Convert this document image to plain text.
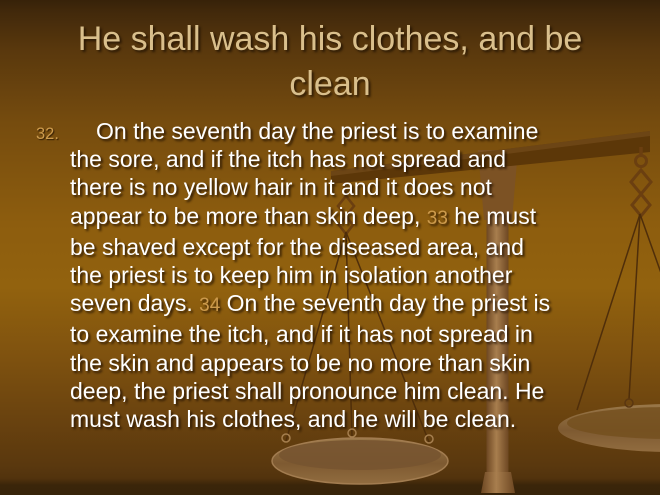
He shall wash his clothes, and be clean
32.	On the seventh day the priest is to examine
the sore, and if the itch has not spread and
there is no yellow hair in it and it does not
appear to be more than skin deep, 33 he must
be shaved except for the diseased area, and
the priest is to keep him in isolation another
seven days. 34 On the seventh day the priest is
to examine the itch, and if it has not spread in
the skin and appears to be no more than skin
deep, the priest shall pronounce him clean. He
must wash his clothes, and he will be clean.
